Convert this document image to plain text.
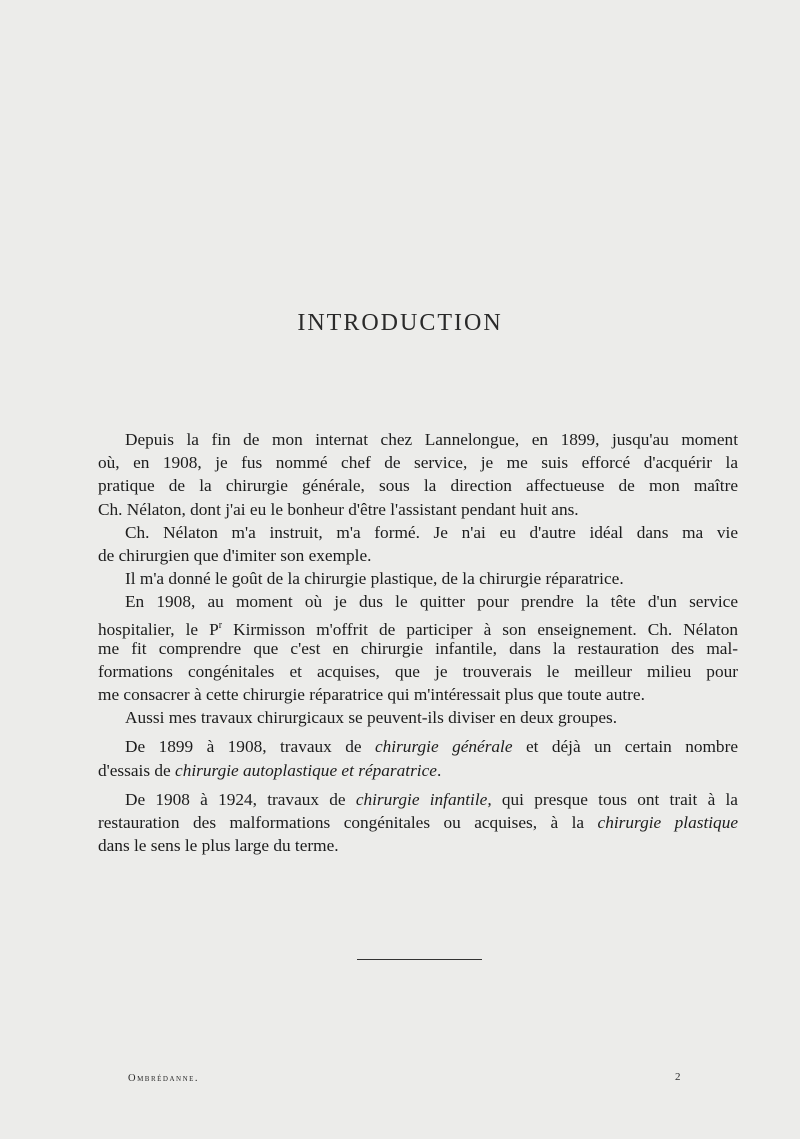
INTRODUCTION
Depuis la fin de mon internat chez Lannelongue, en 1899, jusqu'au moment
où, en 1908, je fus nommé chef de service, je me suis efforcé d'acquérir la
pratique de la chirurgie générale, sous la direction affectueuse de mon maître
Ch. Nélaton, dont j'ai eu le bonheur d'être l'assistant pendant huit ans.
Ch. Nélaton m'a instruit, m'a formé. Je n'ai eu d'autre idéal dans ma vie
de chirurgien que d'imiter son exemple.
Il m'a donné le goût de la chirurgie plastique, de la chirurgie réparatrice.
En 1908, au moment où je dus le quitter pour prendre la tête d'un service
hospitalier, le $P^r$ Kirmisson m'offrit de participer à son enseignement. Ch. Nélaton
me fit comprendre que c'est en chirurgie infantile, dans la restauration des mal-
formations congénitales et acquises, que je trouverais le meilleur milieu pour
me consacrer à cette chirurgie réparatrice qui m'intéressait plus que toute autre.
Aussi mes travaux chirurgicaux se peuvent-ils diviser en deux groupes.
De 1899 à 1908, travaux de chirurgie générale et déjà un certain nombre
d'essais de chirurgie autoplastique et réparatrice.
De 1908 à 1924, travaux de chirurgie infantile, qui presque tous ont trait à la
restauration des malformations congénitales ou acquises, à la chirurgie plastique
dans le sens le plus large du terme.
Ombrédanne.	2
